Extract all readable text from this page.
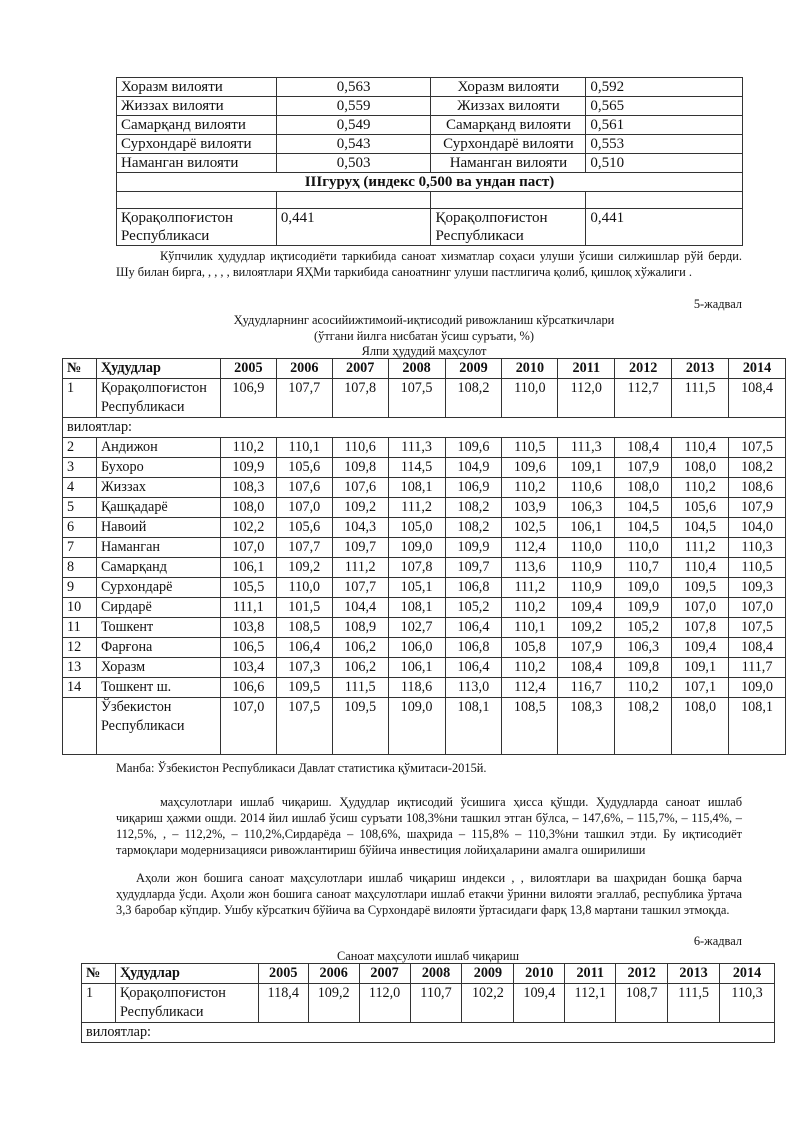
Хоразм вилояти	0,563	Хоразм вилояти	0,592
Жиззах вилояти	0,559	Жиззах вилояти	0,565
Самарқанд вилояти	0,549	Самарқанд вилояти	0,561
Сурхондарё вилояти	0,543	Сурхондарё вилояти	0,553
Наманган вилояти	0,503	Наманган вилояти	0,510
IIIгуруҳ (индекс 0,500 ва ундан паст)			

Қорақолпоғистон Республикаси	0,441	Қорақолпоғистон Республикаси	0,441
Кўпчилик ҳудудлар иқтисодиёти таркибида саноат хизматлар соҳаси улуши ўсиши силжишлар рўй берди. Шу билан бирга, , , , , вилоятлари ЯҲМи таркибида саноатнинг улуши пастлигича қолиб, қишлоқ хўжалиги .
5-жадвал
Ҳудудларнинг асосийижтимоий-иқтисодий ривожланиш кўрсаткичлари
(ўтгани йилга нисбатан ўсиш суръати, %)
Ялпи ҳудудий маҳсулот
№	Ҳудудлар	2005	2006	2007	2008	2009	2010	2011	2012	2013	2014
1	Қорақолпоғистон Республикаси	106,9	107,7	107,8	107,5	108,2	110,0	112,0	112,7	111,5	108,4
вилоятлар:											
2	Андижон	110,2	110,1	110,6	111,3	109,6	110,5	111,3	108,4	110,4	107,5
3	Бухоро	109,9	105,6	109,8	114,5	104,9	109,6	109,1	107,9	108,0	108,2
4	Жиззах	108,3	107,6	107,6	108,1	106,9	110,2	110,6	108,0	110,2	108,6
5	Қашқадарё	108,0	107,0	109,2	111,2	108,2	103,9	106,3	104,5	105,6	107,9
6	Навоий	102,2	105,6	104,3	105,0	108,2	102,5	106,1	104,5	104,5	104,0
7	Наманган	107,0	107,7	109,7	109,0	109,9	112,4	110,0	110,0	111,2	110,3
8	Самарқанд	106,1	109,2	111,2	107,8	109,7	113,6	110,9	110,7	110,4	110,5
9	Сурхондарё	105,5	110,0	107,7	105,1	106,8	111,2	110,9	109,0	109,5	109,3
10	Сирдарё	111,1	101,5	104,4	108,1	105,2	110,2	109,4	109,9	107,0	107,0
11	Тошкент	103,8	108,5	108,9	102,7	106,4	110,1	109,2	105,2	107,8	107,5
12	Фарғона	106,5	106,4	106,2	106,0	106,8	105,8	107,9	106,3	109,4	108,4
13	Хоразм	103,4	107,3	106,2	106,1	106,4	110,2	108,4	109,8	109,1	111,7
14	Тошкент ш.	106,6	109,5	111,5	118,6	113,0	112,4	116,7	110,2	107,1	109,0
	Ўзбекистон Республикаси	107,0	107,5	109,5	109,0	108,1	108,5	108,3	108,2	108,0	108,1
Манба: Ўзбекистон Республикаси Давлат статистика қўмитаси-2015й.
маҳсулотлари ишлаб чиқариш. Ҳудудлар иқтисодий ўсишига ҳисса қўшди. Ҳудудларда саноат ишлаб чиқариш ҳажми ошди. 2014 йил ишлаб ўсиш суръати 108,3%ни ташкил этган бўлса, – 147,6%, – 115,7%, – 115,4%, – 112,5%, , – 112,2%, – 110,2%,Сирдарёда – 108,6%, шаҳрида – 115,8% – 110,3%ни ташкил этди. Бу иқтисодиёт тармоқлари модернизацияси ривожлантириш бўйича инвестиция лойиҳаларини амалга оширилиши
Аҳоли жон бошига саноат маҳсулотлари ишлаб чиқариш индекси , , вилоятлари ва шаҳридан бошқа барча ҳудудларда ўсди. Аҳоли жон бошига саноат маҳсулотлари ишлаб етакчи ўринни вилояти эгаллаб, республика ўртача 3,3 баробар кўпдир. Ушбу кўрсаткич бўйича ва Сурхондарё вилояти ўртасидаги фарқ 13,8 мартани ташкил этмоқда.
6-жадвал
Саноат маҳсулоти ишлаб чиқариш
№	Ҳудудлар	2005	2006	2007	2008	2009	2010	2011	2012	2013	2014
1	Қорақолпоғистон Республикаси	118,4	109,2	112,0	110,7	102,2	109,4	112,1	108,7	111,5	110,3
вилоятлар:											
